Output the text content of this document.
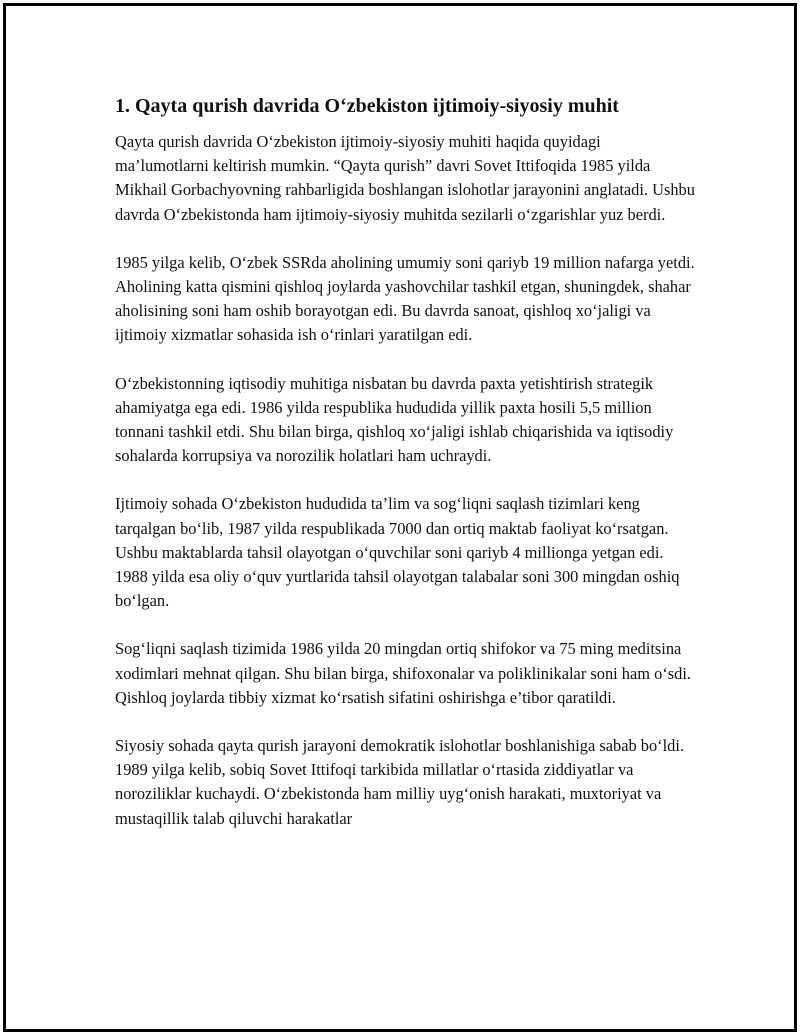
1. Qayta qurish davrida O‘zbekiston ijtimoiy-siyosiy muhit

Qayta qurish davrida O‘zbekiston ijtimoiy-siyosiy muhiti haqida quyidagi ma’lumotlarni keltirish mumkin. “Qayta qurish” davri Sovet Ittifoqida 1985 yilda Mikhail Gorbachyovning rahbarligida boshlangan islohotlar jarayonini anglatadi. Ushbu davrda O‘zbekistonda ham ijtimoiy-siyosiy muhitda sezilarli o‘zgarishlar yuz berdi.

1985 yilga kelib, O‘zbek SSRda aholining umumiy soni qariyb 19 million nafarga yetdi. Aholining katta qismini qishloq joylarda yashovchilar tashkil etgan, shuningdek, shahar aholisining soni ham oshib borayotgan edi. Bu davrda sanoat, qishloq xo‘jaligi va ijtimoiy xizmatlar sohasida ish o‘rinlari yaratilgan edi.

O‘zbekistonning iqtisodiy muhitiga nisbatan bu davrda paxta yetishtirish strategik ahamiyatga ega edi. 1986 yilda respublika hududida yillik paxta hosili 5,5 million tonnani tashkil etdi. Shu bilan birga, qishloq xo‘jaligi ishlab chiqarishida va iqtisodiy sohalarda korrupsiya va norozilik holatlari ham uchraydi.

Ijtimoiy sohada O‘zbekiston hududida ta’lim va sog‘liqni saqlash tizimlari keng tarqalgan bo‘lib, 1987 yilda respublikada 7000 dan ortiq maktab faoliyat ko‘rsatgan. Ushbu maktablarda tahsil olayotgan o‘quvchilar soni qariyb 4 millionga yetgan edi. 1988 yilda esa oliy o‘quv yurtlarida tahsil olayotgan talabalar soni 300 mingdan oshiq bo‘lgan.

Sog‘liqni saqlash tizimida 1986 yilda 20 mingdan ortiq shifokor va 75 ming meditsina xodimlari mehnat qilgan. Shu bilan birga, shifoxonalar va poliklinikalar soni ham o‘sdi. Qishloq joylarda tibbiy xizmat ko‘rsatish sifatini oshirishga e’tibor qaratildi.

Siyosiy sohada qayta qurish jarayoni demokratik islohotlar boshlanishiga sabab bo‘ldi. 1989 yilga kelib, sobiq Sovet Ittifoqi tarkibida millatlar o‘rtasida ziddiyatlar va noroziliklar kuchaydi. O‘zbekistonda ham milliy uyg‘onish harakati, muxtoriyat va mustaqillik talab qiluvchi harakatlar
